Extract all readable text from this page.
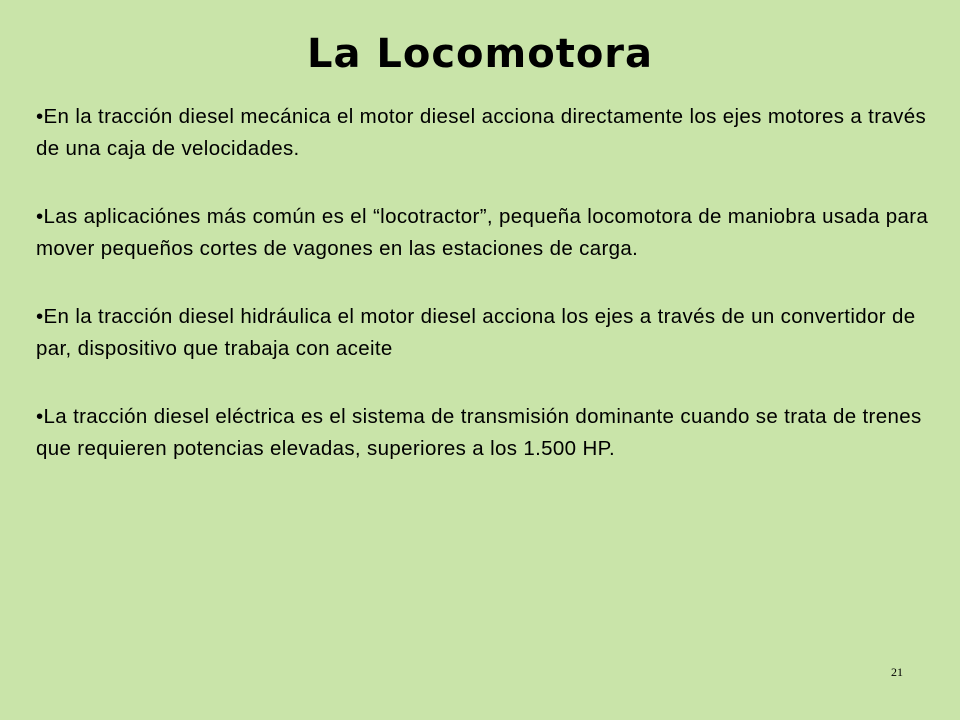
La Locomotora
•En la tracción diesel mecánica el motor diesel acciona directamente los ejes motores a través de una caja de velocidades.
•Las aplicaciónes más común es el “locotractor”, pequeña locomotora de maniobra usada para mover pequeños cortes de vagones en las estaciones de carga.
•En la tracción diesel hidráulica el motor diesel acciona los ejes a través de un convertidor de par, dispositivo que trabaja con aceite
•La tracción diesel eléctrica es el sistema de transmisión dominante cuando se trata de trenes que requieren potencias elevadas, superiores a los 1.500 HP.

21
